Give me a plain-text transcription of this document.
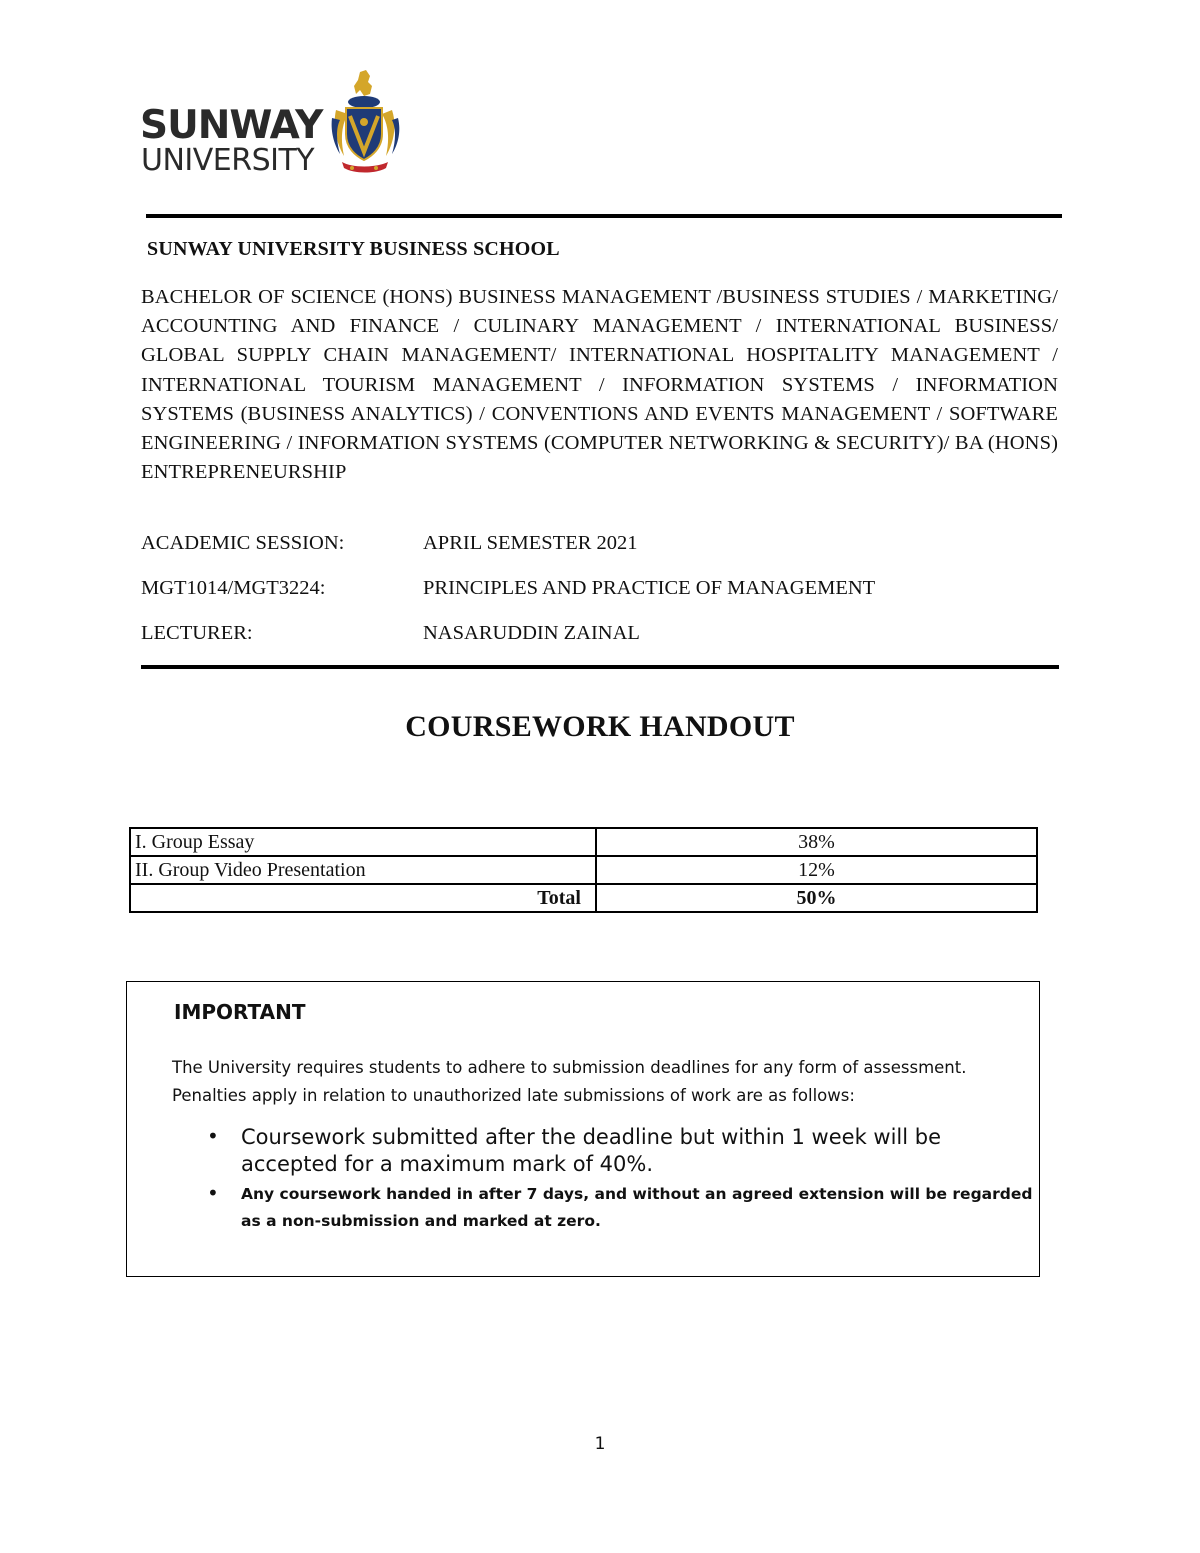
SUNWAY
UNIVERSITY
SUNWAY UNIVERSITY BUSINESS SCHOOL
BACHELOR OF SCIENCE (HONS) BUSINESS MANAGEMENT /BUSINESS STUDIES / MARKETING/ ACCOUNTING AND FINANCE / CULINARY MANAGEMENT / INTERNATIONAL BUSINESS/ GLOBAL SUPPLY CHAIN MANAGEMENT/ INTERNATIONAL HOSPITALITY MANAGEMENT / INTERNATIONAL TOURISM MANAGEMENT / INFORMATION SYSTEMS / INFORMATION SYSTEMS (BUSINESS ANALYTICS) / CONVENTIONS AND EVENTS MANAGEMENT / SOFTWARE ENGINEERING / INFORMATION SYSTEMS (COMPUTER NETWORKING & SECURITY)/ BA (HONS) ENTREPRENEURSHIP
ACADEMIC SESSION:	APRIL SEMESTER 2021
MGT1014/MGT3224:	PRINCIPLES AND PRACTICE OF MANAGEMENT
LECTURER:	NASARUDDIN ZAINAL
COURSEWORK HANDOUT
I. Group Essay	38%
II. Group Video Presentation	12%
Total	50%
IMPORTANT
The University requires students to adhere to submission deadlines for any form of assessment. Penalties apply in relation to unauthorized late submissions of work are as follows:
• Coursework submitted after the deadline but within 1 week will be accepted for a maximum mark of 40%.
• Any coursework handed in after 7 days, and without an agreed extension will be regarded as a non-submission and marked at zero.
1
